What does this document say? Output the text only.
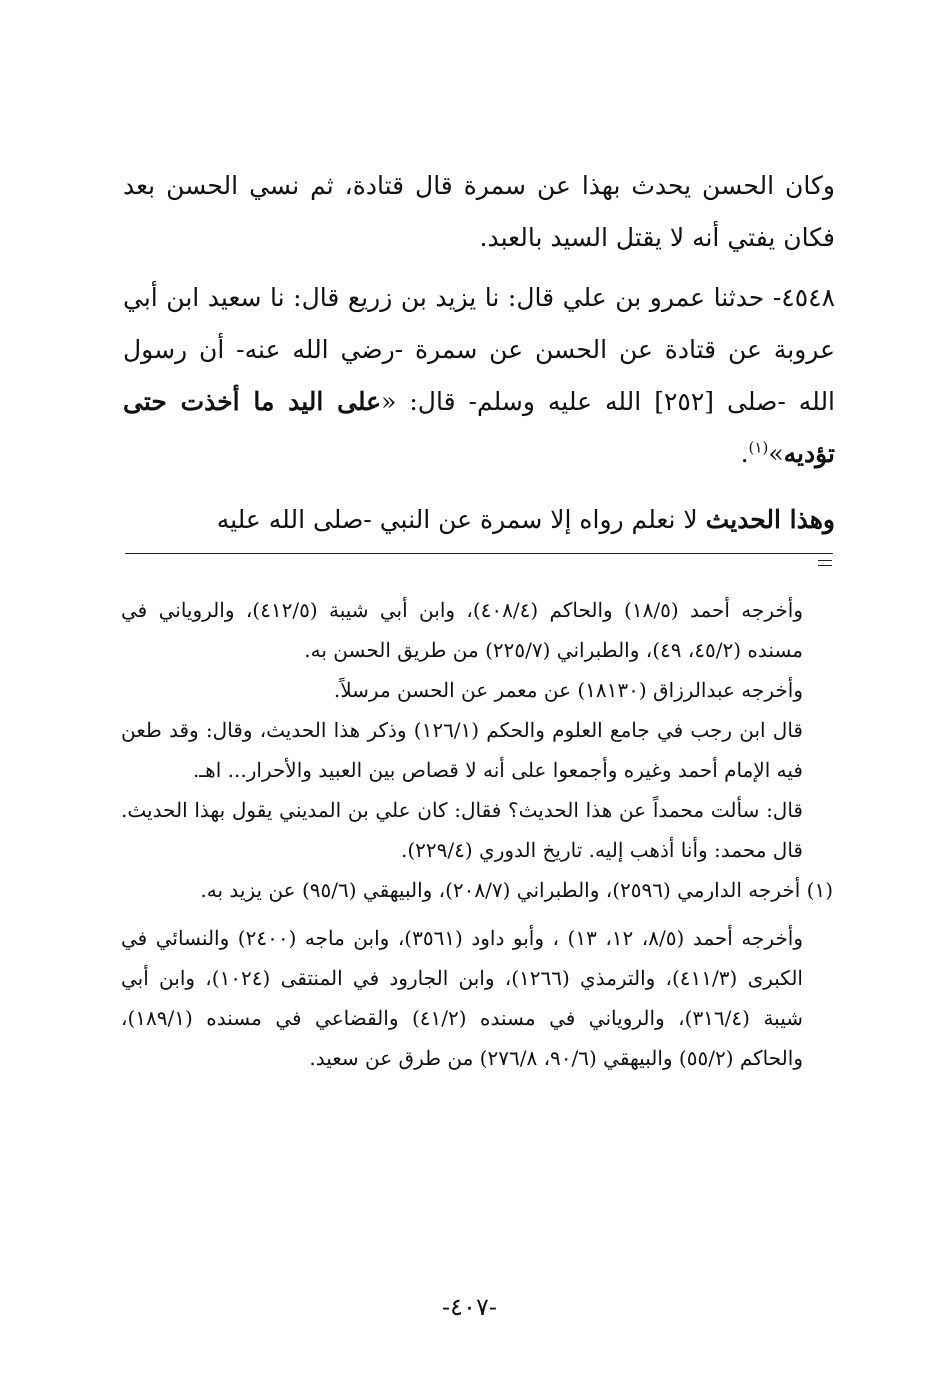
وكان الحسن يحدث بهذا عن سمرة قال قتادة، ثم نسي الحسن بعد فكان يفتي أنه لا يقتل السيد بالعبد.

٤٥٤٨- حدثنا عمرو بن علي قال: نا يزيد بن زريع قال: نا سعيد ابن أبي عروبة عن قتادة عن الحسن عن سمرة -رضي الله عنه- أن رسول الله -صلى [٢٥٢] الله عليه وسلم- قال: «على اليد ما أخذت حتى تؤديه»$^{(١)}$.

وهذا الحديث لا نعلم رواه إلا سمرة عن النبي -صلى الله عليه

وأخرجه أحمد (١٨/٥) والحاكم (٤٠٨/٤)، وابن أبي شيبة (٤١٢/٥)، والروياني في مسنده (٤٥/٢، ٤٩)، والطبراني (٢٢٥/٧) من طريق الحسن به.

وأخرجه عبدالرزاق (١٨١٣٠) عن معمر عن الحسن مرسلاً.

قال ابن رجب في جامع العلوم والحكم (١٢٦/١) وذكر هذا الحديث، وقال: وقد طعن فيه الإمام أحمد وغيره وأجمعوا على أنه لا قصاص بين العبيد والأحرار... اهـ.

قال: سألت محمداً عن هذا الحديث؟ فقال: كان علي بن المديني يقول بهذا الحديث. قال محمد: وأنا أذهب إليه. تاريخ الدوري (٢٢٩/٤).

(١) أخرجه الدارمي (٢٥٩٦)، والطبراني (٢٠٨/٧)، والبيهقي (٩٥/٦) عن يزيد به.

وأخرجه أحمد (٨/٥، ١٢، ١٣) ، وأبو داود (٣٥٦١)، وابن ماجه (٢٤٠٠) والنسائي في الكبرى (٤١١/٣)، والترمذي (١٢٦٦)، وابن الجارود في المنتقى (١٠٢٤)، وابن أبي شيبة (٣١٦/٤)، والروياني في مسنده (٤١/٢) والقضاعي في مسنده (١٨٩/١)، والحاكم (٥٥/٢) والبيهقي (٩٠/٦، ٢٧٦/٨) من طرق عن سعيد.

-٤٠٧-
